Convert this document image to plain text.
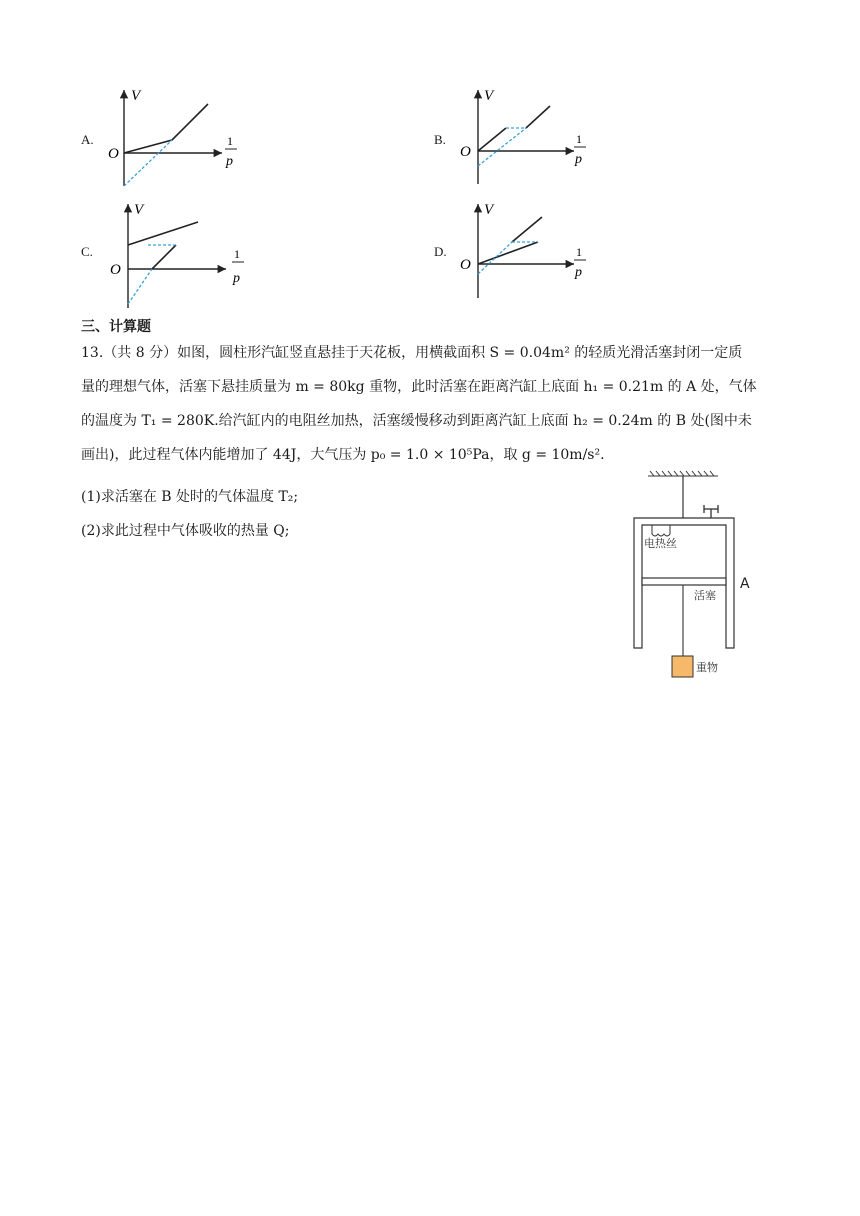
A.
V
O
1
p
B.
V
O
1
p
C.
V
O
1
p
D.
V
O
1
p
三、计算题
13.（共 8 分）如图，圆柱形汽缸竖直悬挂于天花板，用横截面积 S = 0.04m² 的轻质光滑活塞封闭一定质
量的理想气体，活塞下悬挂质量为 m = 80kg 重物，此时活塞在距离汽缸上底面 h₁ = 0.21m 的 A 处，气体
的温度为 T₁ = 280K.给汽缸内的电阻丝加热，活塞缓慢移动到距离汽缸上底面 h₂ = 0.24m 的 B 处(图中未
画出)，此过程气体内能增加了 44J，大气压为 p₀ = 1.0 × 10⁵Pa，取 g = 10m/s².
(1)求活塞在 B 处时的气体温度 T₂;
(2)求此过程中气体吸收的热量 Q;
电热丝
活塞
A
重物
